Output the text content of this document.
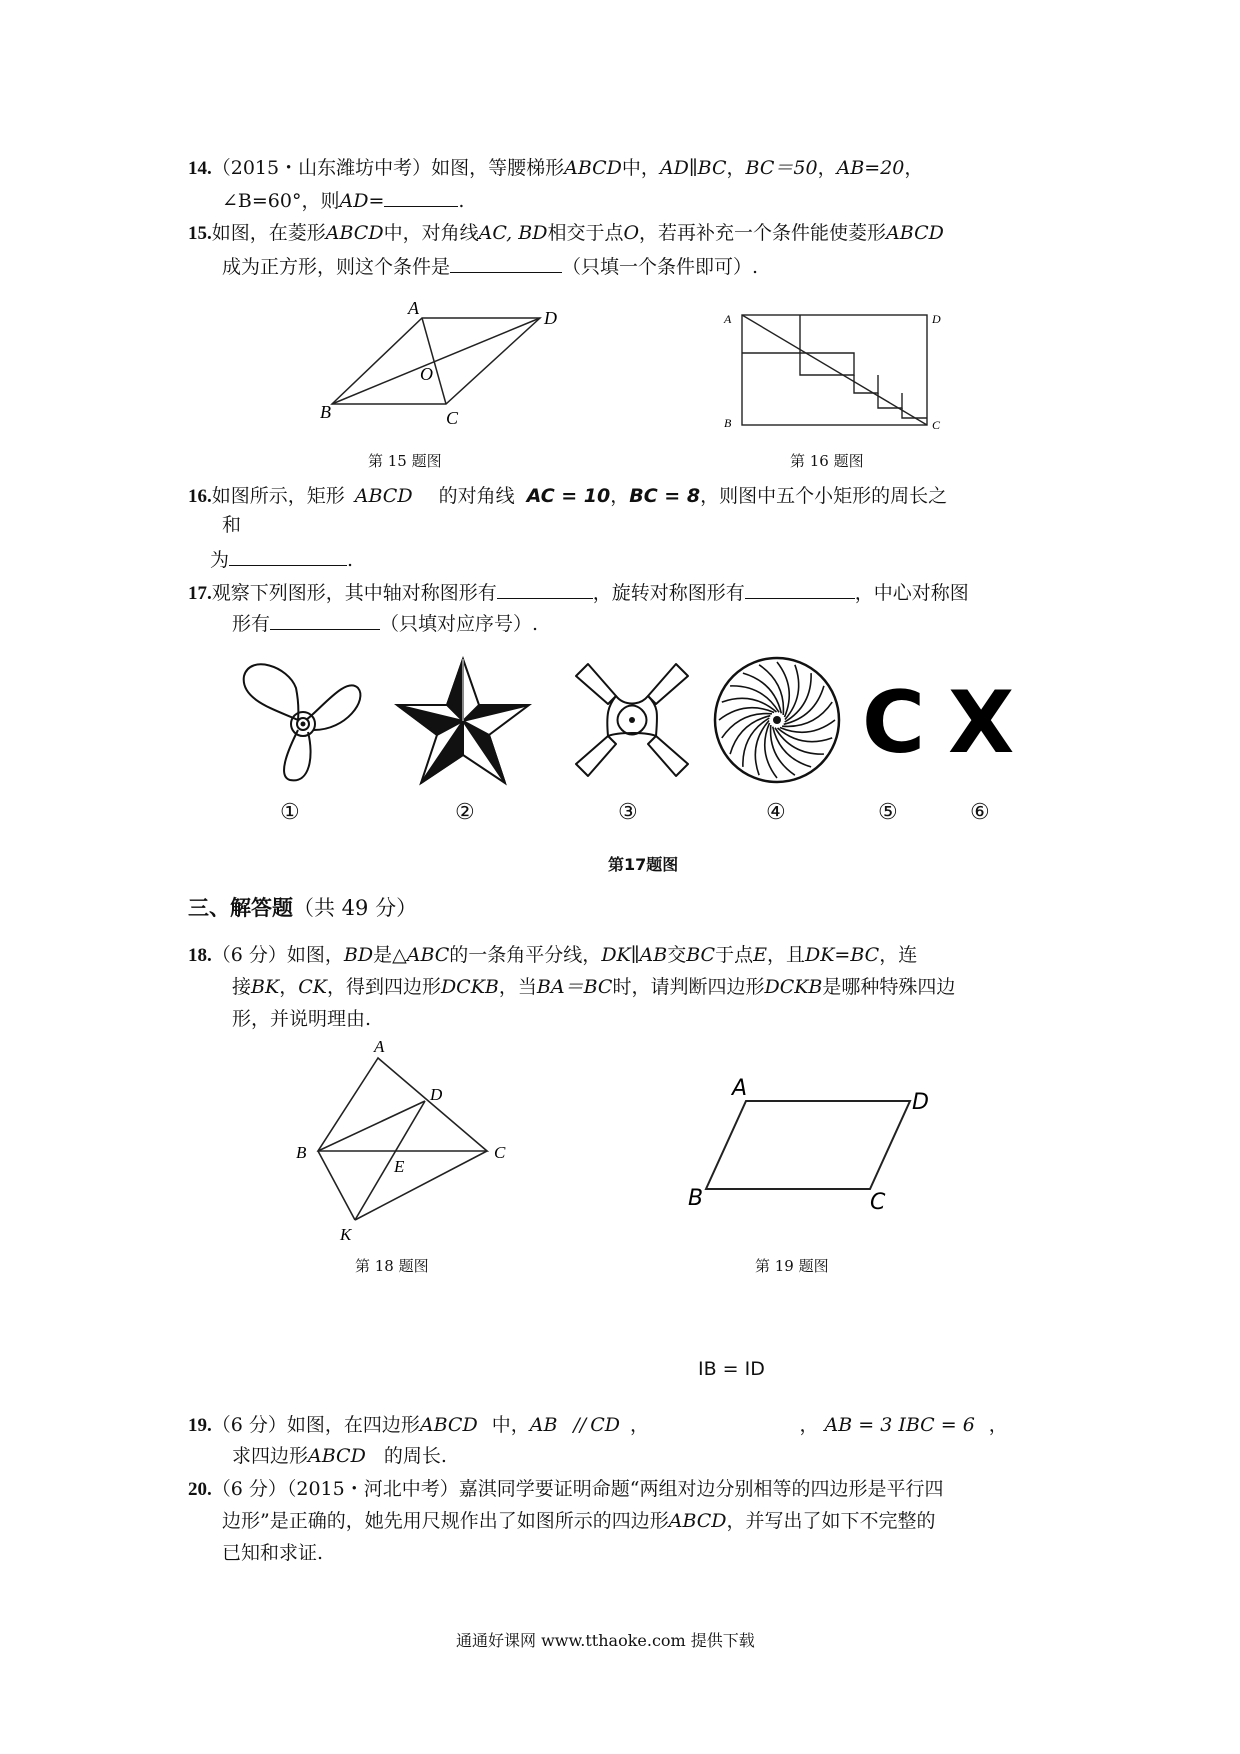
14.（2015・山东潍坊中考）如图，等腰梯形ABCD中，AD∥BC，BC＝50，AB=20，
∠B=60°，则AD=	.
15.如图，在菱形ABCD中，对角线AC, BD相交于点O，若再补充一个条件能使菱形ABCD
成为正方形，则这个条件是	（只填一个条件即可）.
A	D
B	C
O
第 15 题图
A	D
B	C
第 16 题图
16.如图所示，矩形 ABCD 的对角线 AC = 10，BC = 8，则图中五个小矩形的周长之
和
为	.
17.观察下列图形，其中轴对称图形有	，旋转对称图形有	，中心对称图
形有	（只填对应序号）.
C X
①	②	③	④	⑤	⑥
第17题图
三、解答题（共 49 分）
18.（6 分）如图，BD是△ABC的一条角平分线，DK∥AB交BC于点E，且DK=BC，连
接BK，CK，得到四边形DCKB，当BA＝BC时，请判断四边形DCKB是哪种特殊四边
形，并说明理由.
A
D
B
E
C
K
第 18 题图
A
D
B	C
第 19 题图
IB = ID
19.（6 分）如图，在四边形ABCD 中，AB // CD ，	， AB = 3 IBC = 6 ，
求四边形ABCD 的周长.
20.（6 分）（2015・河北中考）嘉淇同学要证明命题“两组对边分别相等的四边形是平行四
边形”是正确的，她先用尺规作出了如图所示的四边形ABCD，并写出了如下不完整的
已知和求证.
通通好课网 www.tthaoke.com 提供下载
